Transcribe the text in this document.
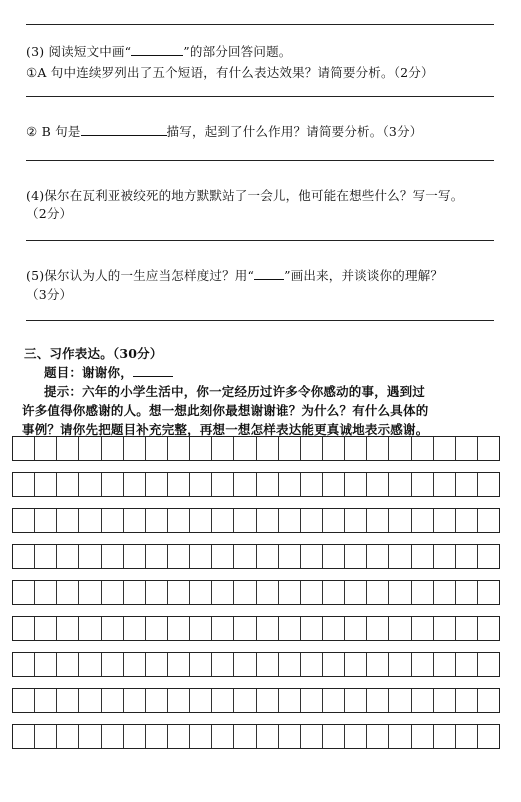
(3) 阅读短文中画“	”的部分回答问题。
①A 句中连续罗列出了五个短语，有什么表达效果？请简要分析。（2分）
② B 句是	描写，起到了什么作用？请简要分析。（3分）
(4)保尔在瓦利亚被绞死的地方默默站了一会儿，他可能在想些什么？写一写。
（2分）
(5)保尔认为人的一生应当怎样度过？用“ ”画出来，并谈谈你的理解？
（3分）
三、习作表达。（30分）
题目：谢谢你，
提示：六年的小学生活中，你一定经历过许多令你感动的事，遇到过
许多值得你感谢的人。想一想此刻你最想谢谢谁？为什么？有什么具体的
事例？请你先把题目补充完整，再想一想怎样表达能更真诚地表示感谢。
